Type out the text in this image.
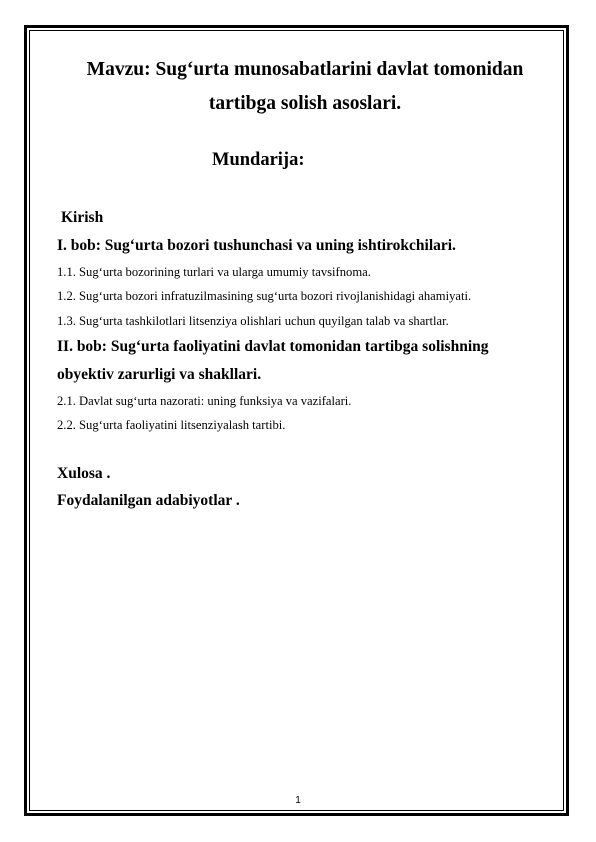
Mavzu: Sug‘urta munosabatlarini davlat tomonidan
tartibga solish asoslari.
Mundarija:
Kirish
I. bob: Sug‘urta bozori tushunchasi va uning ishtirokchilari.
1.1. Sug‘urta bozorining turlari va ularga umumiy tavsifnoma.
1.2. Sug‘urta bozori infratuzilmasining sug‘urta bozori rivojlanishidagi ahamiyati.
1.3. Sug‘urta tashkilotlari litsenziya olishlari uchun quyilgan talab va shartlar.
II. bob: Sug‘urta faoliyatini davlat tomonidan tartibga solishning
obyektiv zarurligi va shakllari.
2.1. Davlat sug‘urta nazorati: uning funksiya va vazifalari.
2.2. Sug‘urta faoliyatini litsenziyalash tartibi.
Xulosa .
Foydalanilgan adabiyotlar .
1
